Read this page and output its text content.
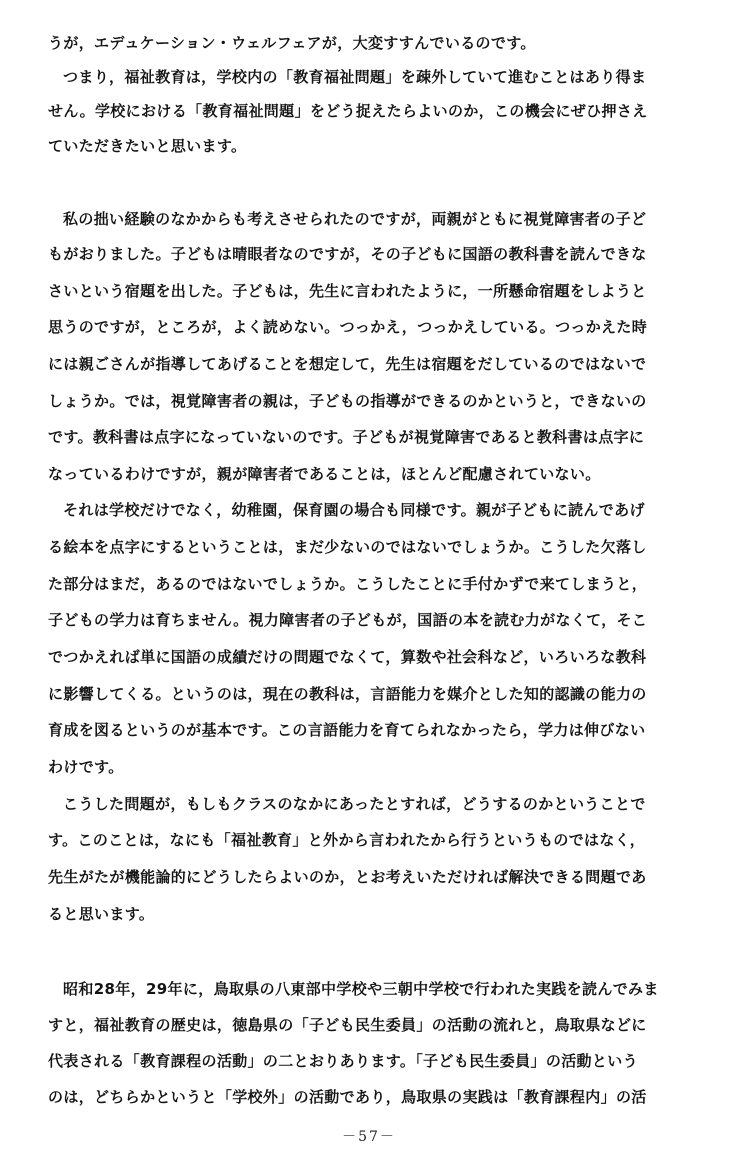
うが，エデュケーション・ウェルフェアが，大変すすんでいるのです。
つまり，福祉教育は，学校内の「教育福祉問題」を疎外していて進むことはあり得ま
せん。学校における「教育福祉問題」をどう捉えたらよいのか，この機会にぜひ押さえ
ていただきたいと思います。
私の拙い経験のなかからも考えさせられたのですが，両親がともに視覚障害者の子ど
もがおりました。子どもは晴眼者なのですが，その子どもに国語の教科書を読んできな
さいという宿題を出した。子どもは，先生に言われたように，一所懸命宿題をしようと
思うのですが，ところが，よく読めない。つっかえ，つっかえしている。つっかえた時
には親ごさんが指導してあげることを想定して，先生は宿題をだしているのではないで
しょうか。では，視覚障害者の親は，子どもの指導ができるのかというと，できないの
です。教科書は点字になっていないのです。子どもが視覚障害であると教科書は点字に
なっているわけですが，親が障害者であることは，ほとんど配慮されていない。
それは学校だけでなく，幼稚園，保育園の場合も同様です。親が子どもに読んであげ
る絵本を点字にするということは，まだ少ないのではないでしょうか。こうした欠落し
た部分はまだ，あるのではないでしょうか。こうしたことに手付かずで来てしまうと，
子どもの学力は育ちません。視力障害者の子どもが，国語の本を読む力がなくて，そこ
でつかえれば単に国語の成績だけの問題でなくて，算数や社会科など，いろいろな教科
に影響してくる。というのは，現在の教科は，言語能力を媒介とした知的認識の能力の
育成を図るというのが基本です。この言語能力を育てられなかったら，学力は伸びない
わけです。
こうした問題が，もしもクラスのなかにあったとすれば，どうするのかということで
す。このことは，なにも「福祉教育」と外から言われたから行うというものではなく，
先生がたが機能論的にどうしたらよいのか，とお考えいただければ解決できる問題であ
ると思います。
昭和28年，29年に，鳥取県の八東部中学校や三朝中学校で行われた実践を読んでみま
すと，福祉教育の歴史は，徳島県の「子ども民生委員」の活動の流れと，鳥取県などに
代表される「教育課程の活動」の二とおりあります。「子ども民生委員」の活動という
のは，どちらかというと「学校外」の活動であり，鳥取県の実践は「教育課程内」の活
－57－
